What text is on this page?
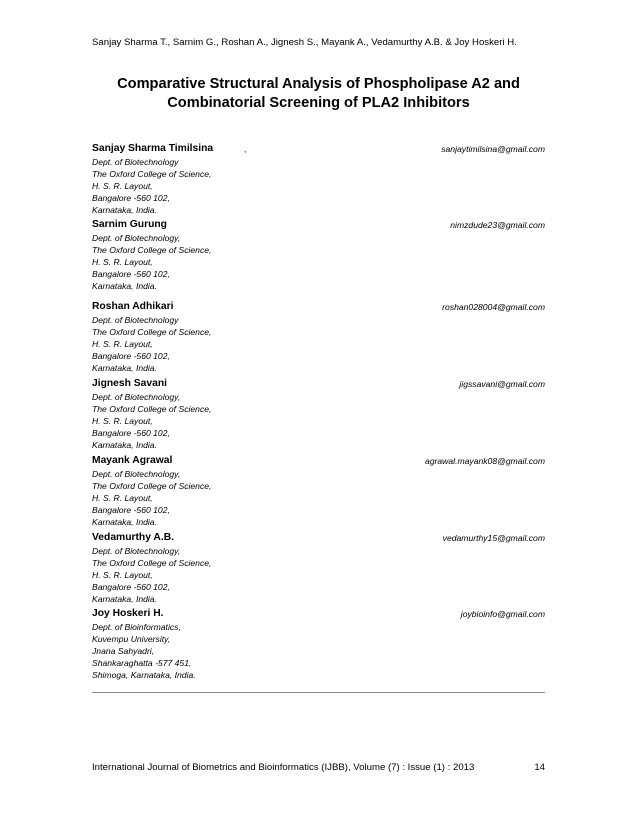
Sanjay Sharma T., Sarnim G., Roshan A., Jignesh S., Mayank A., Vedamurthy A.B. & Joy Hoskeri H.
Comparative Structural Analysis of Phospholipase A2 and
Combinatorial Screening of PLA2 Inhibitors
Sanjay Sharma Timilsina	,	sanjaytimilsina@gmail.com
Dept. of Biotechnology
The Oxford College of Science,
H. S. R. Layout,
Bangalore -560 102,
Karnataka, India.
Sarnim Gurung	nimzdude23@gmail.com
Dept. of Biotechnology,
The Oxford College of Science,
H. S. R. Layout,
Bangalore -560 102,
Karnataka, India.
Roshan Adhikari	roshan028004@gmail.com
Dept. of Biotechnology
The Oxford College of Science,
H. S. R. Layout,
Bangalore -560 102,
Karnataka, India.
Jignesh Savani	jigssavani@gmail.com
Dept. of Biotechnology,
The Oxford College of Science,
H. S. R. Layout,
Bangalore -560 102,
Karnataka, India.
Mayank Agrawal	agrawal.mayank08@gmail.com
Dept. of Biotechnology,
The Oxford College of Science,
H. S. R. Layout,
Bangalore -560 102,
Karnataka, India.
Vedamurthy A.B.	vedamurthy15@gmail.com
Dept. of Biotechnology,
The Oxford College of Science,
H. S. R. Layout,
Bangalore -560 102,
Karnataka, India.
Joy Hoskeri H.	joybioinfo@gmail.com
Dept. of Bioinformatics,
Kuvempu University,
Jnana Sahyadri,
Shankaraghatta -577 451,
Shimoga, Karnataka, India.
International Journal of Biometrics and Bioinformatics (IJBB), Volume (7) : Issue (1) : 2013	14
